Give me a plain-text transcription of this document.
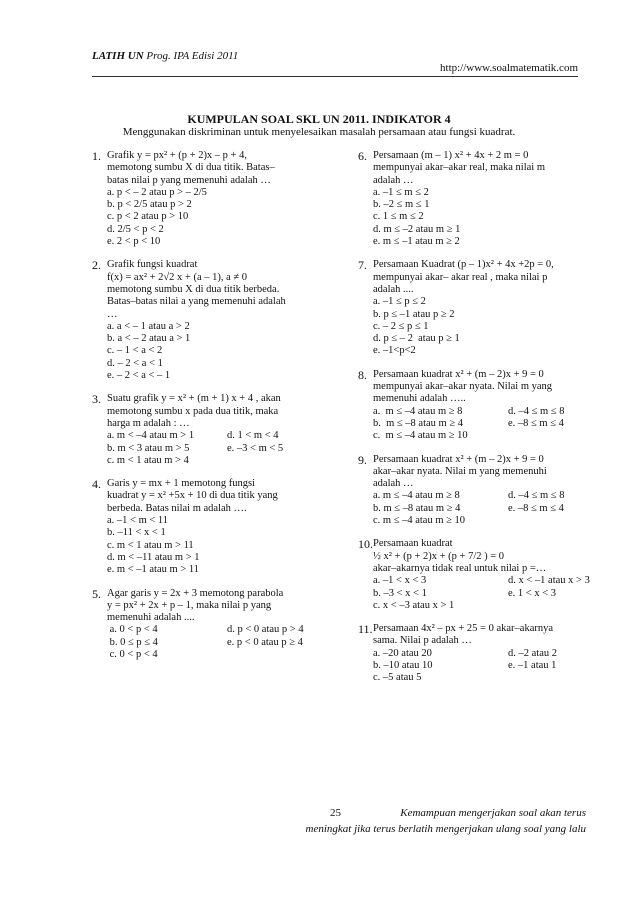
LATIH UN Prog. IPA Edisi 2011
http://www.soalmatematik.com
KUMPULAN SOAL SKL UN 2011. INDIKATOR 4
Menggunakan diskriminan untuk menyelesaikan masalah persamaan atau fungsi kuadrat.
1. Grafik y = px² + (p + 2)x – p + 4,
memotong sumbu X di dua titik. Batas–
batas nilai p yang memenuhi adalah …
a. p < – 2 atau p > – 2/5
b. p < 2/5 atau p > 2
c. p < 2 atau p > 10
d. 2/5 < p < 2
e. 2 < p < 10
2. Grafik fungsi kuadrat
f(x) = ax² + 2√2 x + (a – 1), a ≠ 0
memotong sumbu X di dua titik berbeda.
Batas–batas nilai a yang memenuhi adalah
…
a. a < – 1 atau a > 2
b. a < – 2 atau a > 1
c. – 1 < a < 2
d. – 2 < a < 1
e. – 2 < a < – 1
3. Suatu grafik y = x² + (m + 1) x + 4 , akan
memotong sumbu x pada dua titik, maka
harga m adalah : …
a. m < –4 atau m > 1	d. 1 < m < 4
b. m < 3 atau m > 5	e. –3 < m < 5
c. m < 1 atau m > 4
4. Garis y = mx + 1 memotong fungsi
kuadrat y = x² +5x + 10 di dua titik yang
berbeda. Batas nilai m adalah ….
a. –1 < m < 11
b. –11 < x < 1
c. m < 1 atau m > 11
d. m < –11 atau m > 1
e. m < –1 atau m > 11
5. Agar garis y = 2x + 3 memotong parabola
y = px² + 2x + p – 1, maka nilai p yang
memenuhi adalah ....
a. 0 < p < 4	d. p < 0 atau p > 4
b. 0 ≤ p ≤ 4	e. p < 0 atau p ≥ 4
c. 0 < p < 4
6. Persamaan (m – 1) x² + 4x + 2 m = 0
mempunyai akar–akar real, maka nilai m
adalah …
a. –1 ≤ m ≤ 2
b. –2 ≤ m ≤ 1
c. 1 ≤ m ≤ 2
d. m ≤ –2 atau m ≥ 1
e. m ≤ –1 atau m ≥ 2
7. Persamaan Kuadrat (p – 1)x² + 4x +2p = 0,
mempunyai akar– akar real , maka nilai p
adalah ....
a. –1 ≤ p ≤ 2
b. p ≤ –1 atau p ≥ 2
c. – 2 ≤ p ≤ 1
d. p ≤ – 2  atau p ≥ 1
e. –1<p<2
8. Persamaan kuadrat x² + (m – 2)x + 9 = 0
mempunyai akar–akar nyata. Nilai m yang
memenuhi adalah …..
a.  m ≤ –4 atau m ≥ 8	d. –4 ≤ m ≤ 8
b.  m ≤ –8 atau m ≥ 4	e. –8 ≤ m ≤ 4
c.  m ≤ –4 atau m ≥ 10
9. Persamaan kuadrat x² + (m – 2)x + 9 = 0
akar–akar nyata. Nilai m yang memenuhi
adalah …
a. m ≤ –4 atau m ≥ 8	d. –4 ≤ m ≤ 8
b. m ≤ –8 atau m ≥ 4	e. –8 ≤ m ≤ 4
c. m ≤ –4 atau m ≥ 10
10. Persamaan kuadrat
½ x² + (p + 2)x + (p + 7/2 ) = 0
akar–akarnya tidak real untuk nilai p =…
a. –1 < x < 3	d. x < –1 atau x > 3
b. –3 < x < 1	e. 1 < x < 3
c. x < –3 atau x > 1
11. Persamaan 4x² – px + 25 = 0 akar–akarnya
sama. Nilai p adalah …
a. –20 atau 20	d. –2 atau 2
b. –10 atau 10	e. –1 atau 1
c. –5 atau 5
25	Kemampuan mengerjakan soal akan terus
meningkat jika terus berlatih mengerjakan ulang soal yang lalu
